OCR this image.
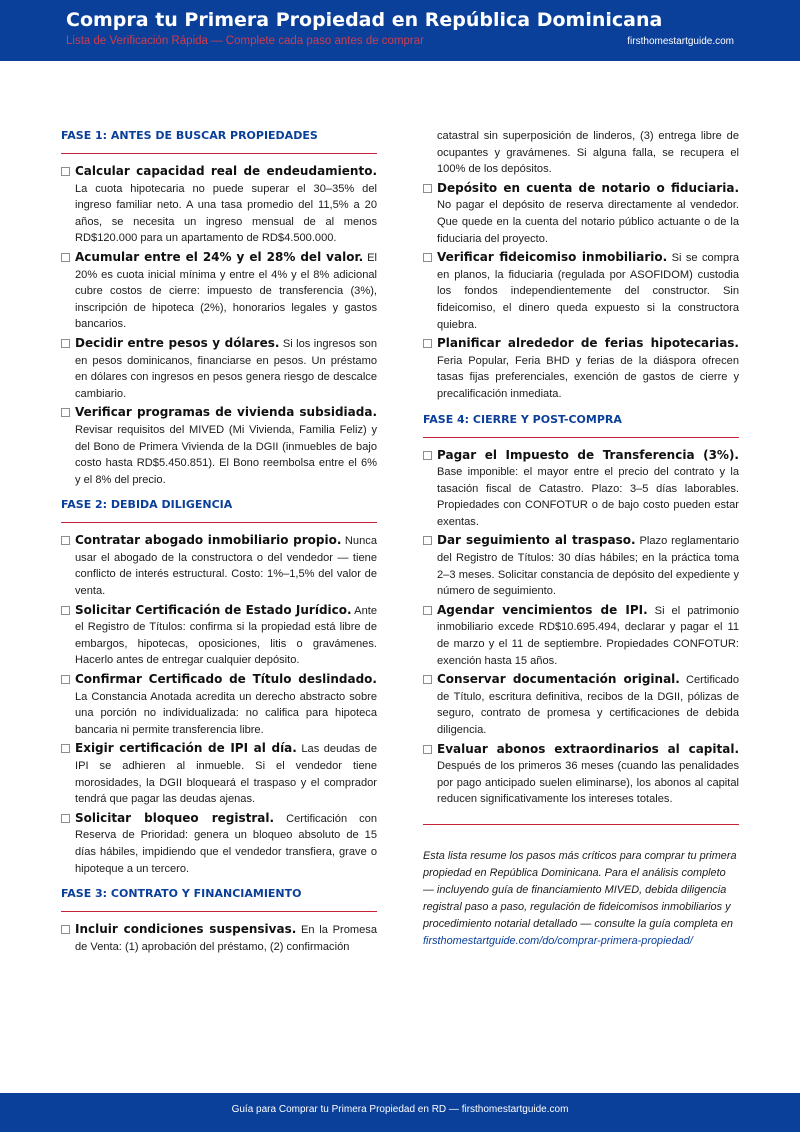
Compra tu Primera Propiedad en República Dominicana
Lista de Verificación Rápida — Complete cada paso antes de comprar	firsthomestartguide.com
FASE 1: ANTES DE BUSCAR PROPIEDADES
Calcular capacidad real de endeudamiento. La cuota hipotecaria no puede superar el 30–35% del ingreso familiar neto. A una tasa promedio del 11,5% a 20 años, se necesita un ingreso mensual de al menos RD$120.000 para un apartamento de RD$4.500.000.
Acumular entre el 24% y el 28% del valor. El 20% es cuota inicial mínima y entre el 4% y el 8% adicional cubre costos de cierre: impuesto de transferencia (3%), inscripción de hipoteca (2%), honorarios legales y gastos bancarios.
Decidir entre pesos y dólares. Si los ingresos son en pesos dominicanos, financiarse en pesos. Un préstamo en dólares con ingresos en pesos genera riesgo de descalce cambiario.
Verificar programas de vivienda subsidiada. Revisar requisitos del MIVED (Mi Vivienda, Familia Feliz) y del Bono de Primera Vivienda de la DGII (inmuebles de bajo costo hasta RD$5.450.851). El Bono reembolsa entre el 6% y el 8% del precio.
FASE 2: DEBIDA DILIGENCIA
Contratar abogado inmobiliario propio. Nunca usar el abogado de la constructora o del vendedor — tiene conflicto de interés estructural. Costo: 1%–1,5% del valor de venta.
Solicitar Certificación de Estado Jurídico. Ante el Registro de Títulos: confirma si la propiedad está libre de embargos, hipotecas, oposiciones, litis o gravámenes. Hacerlo antes de entregar cualquier depósito.
Confirmar Certificado de Título deslindado. La Constancia Anotada acredita un derecho abstracto sobre una porción no individualizada: no califica para hipoteca bancaria ni permite transferencia libre.
Exigir certificación de IPI al día. Las deudas de IPI se adhieren al inmueble. Si el vendedor tiene morosidades, la DGII bloqueará el traspaso y el comprador tendrá que pagar las deudas ajenas.
Solicitar bloqueo registral. Certificación con Reserva de Prioridad: genera un bloqueo absoluto de 15 días hábiles, impidiendo que el vendedor transfiera, grave o hipoteque a un tercero.
FASE 3: CONTRATO Y FINANCIAMIENTO
Incluir condiciones suspensivas. En la Promesa de Venta: (1) aprobación del préstamo, (2) confirmación
catastral sin superposición de linderos, (3) entrega libre de ocupantes y gravámenes. Si alguna falla, se recupera el 100% de los depósitos.
Depósito en cuenta de notario o fiduciaria. No pagar el depósito de reserva directamente al vendedor. Que quede en la cuenta del notario público actuante o de la fiduciaria del proyecto.
Verificar fideicomiso inmobiliario. Si se compra en planos, la fiduciaria (regulada por ASOFIDOM) custodia los fondos independientemente del constructor. Sin fideicomiso, el dinero queda expuesto si la constructora quiebra.
Planificar alrededor de ferias hipotecarias. Feria Popular, Feria BHD y ferias de la diáspora ofrecen tasas fijas preferenciales, exención de gastos de cierre y precalificación inmediata.
FASE 4: CIERRE Y POST-COMPRA
Pagar el Impuesto de Transferencia (3%). Base imponible: el mayor entre el precio del contrato y la tasación fiscal de Catastro. Plazo: 3–5 días laborables. Propiedades con CONFOTUR o de bajo costo pueden estar exentas.
Dar seguimiento al traspaso. Plazo reglamentario del Registro de Títulos: 30 días hábiles; en la práctica toma 2–3 meses. Solicitar constancia de depósito del expediente y número de seguimiento.
Agendar vencimientos de IPI. Si el patrimonio inmobiliario excede RD$10.695.494, declarar y pagar el 11 de marzo y el 11 de septiembre. Propiedades CONFOTUR: exención hasta 15 años.
Conservar documentación original. Certificado de Título, escritura definitiva, recibos de la DGII, pólizas de seguro, contrato de promesa y certificaciones de debida diligencia.
Evaluar abonos extraordinarios al capital. Después de los primeros 36 meses (cuando las penalidades por pago anticipado suelen eliminarse), los abonos al capital reducen significativamente los intereses totales.
Esta lista resume los pasos más críticos para comprar tu primera propiedad en República Dominicana. Para el análisis completo — incluyendo guía de financiamiento MIVED, debida diligencia registral paso a paso, regulación de fideicomisos inmobiliarios y procedimiento notarial detallado — consulte la guía completa en firsthomestartguide.com/do/comprar-primera-propiedad/
Guía para Comprar tu Primera Propiedad en RD — firsthomestartguide.com
